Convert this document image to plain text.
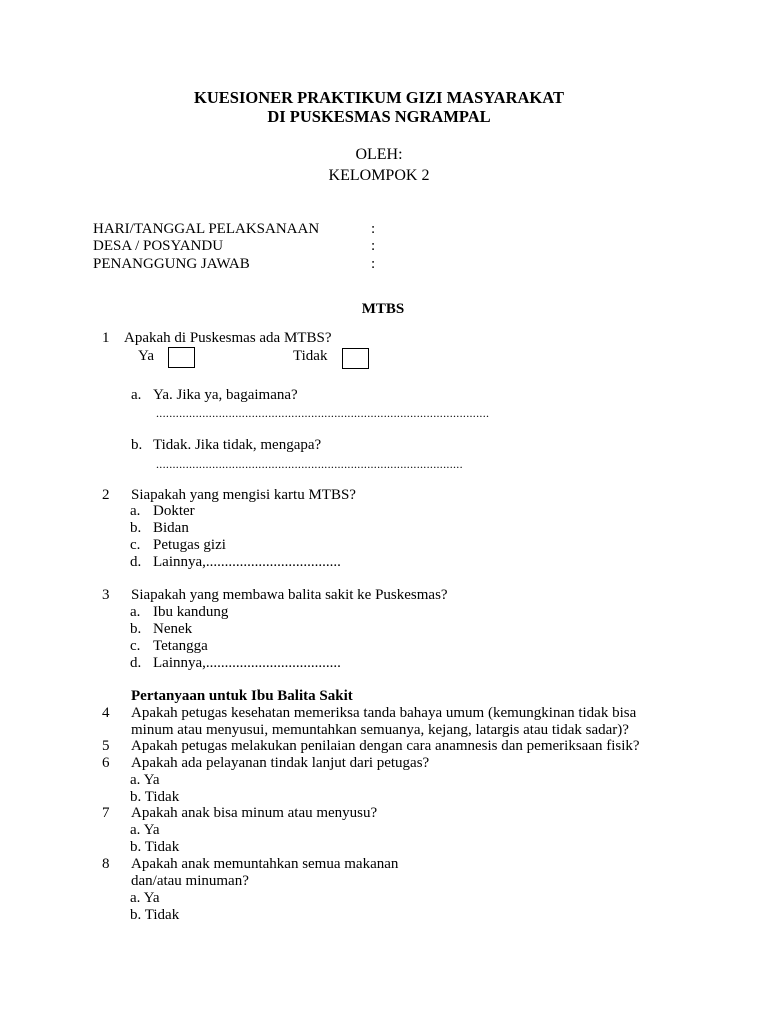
KUESIONER PRAKTIKUM GIZI MASYARAKAT
DI PUSKESMAS NGRAMPAL
OLEH:
KELOMPOK 2
HARI/TANGGAL PELAKSANAAN	:
DESA / POSYANDU	:
PENANGGUNG JAWAB	:
MTBS
1 Apakah di Puskesmas ada MTBS?
Ya	Tidak
a. Ya. Jika ya, bagaimana?
.....................................................................................................
b. Tidak. Jika tidak, mengapa?
.............................................................................................
2 Siapakah yang mengisi kartu MTBS?
a. Dokter
b. Bidan
c. Petugas gizi
d. Lainnya,....................................
3 Siapakah yang membawa balita sakit ke Puskesmas?
a. Ibu kandung
b. Nenek
c. Tetangga
d. Lainnya,....................................
Pertanyaan untuk Ibu Balita Sakit
4 Apakah petugas kesehatan memeriksa tanda bahaya umum (kemungkinan tidak bisa
minum atau menyusui, memuntahkan semuanya, kejang, latargis atau tidak sadar)?
5 Apakah petugas melakukan penilaian dengan cara anamnesis dan pemeriksaan fisik?
6 Apakah ada pelayanan tindak lanjut dari petugas?
a. Ya
b. Tidak
7 Apakah anak bisa minum atau menyusu?
a. Ya
b. Tidak
8 Apakah anak memuntahkan semua makanan
dan/atau minuman?
a. Ya
b. Tidak
